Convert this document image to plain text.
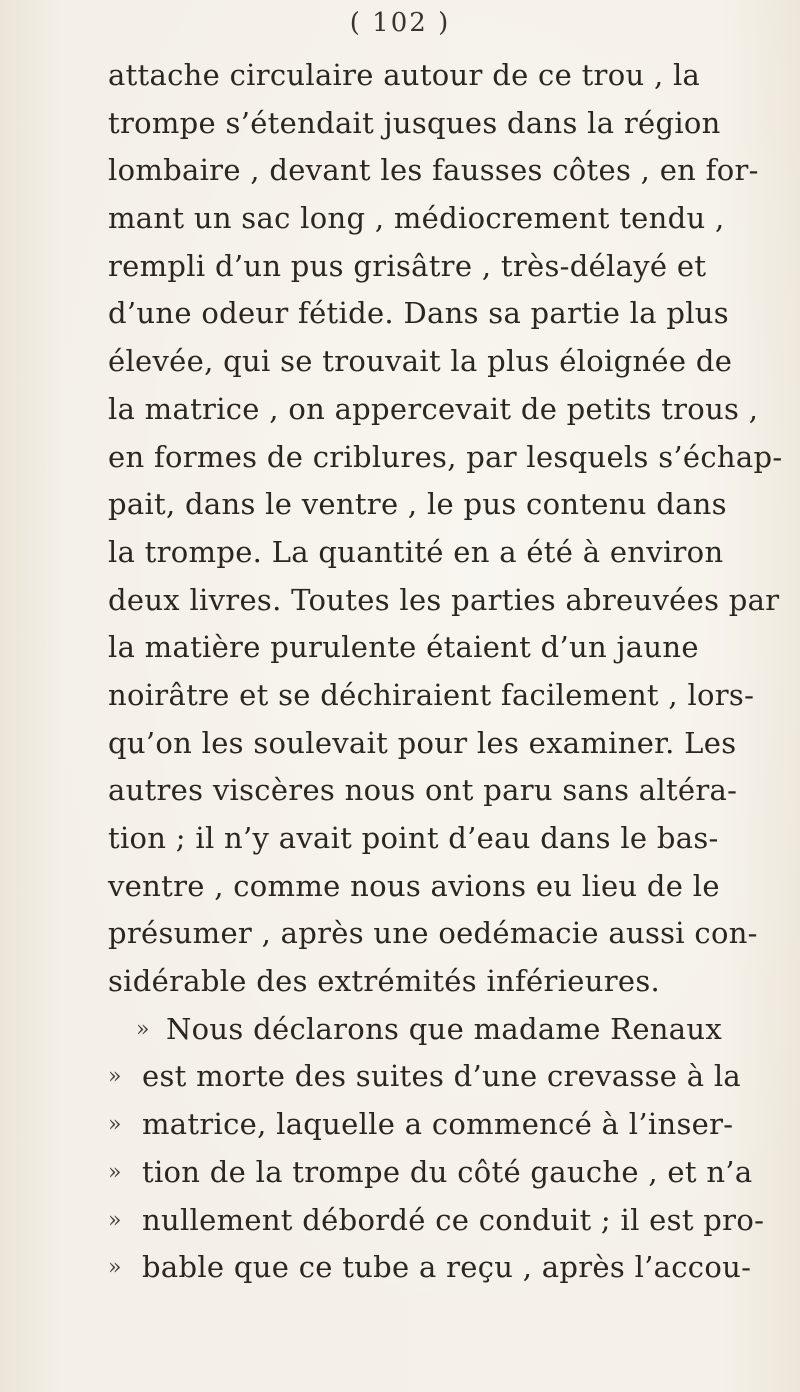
( 102 )
attache circulaire autour de ce trou , la
trompe s’étendait jusques dans la région
lombaire , devant les fausses côtes , en for-
mant un sac long , médiocrement tendu ,
rempli d’un pus grisâtre , très-délayé et
d’une odeur fétide. Dans sa partie la plus
élevée, qui se trouvait la plus éloignée de
la matrice , on appercevait de petits trous ,
en formes de criblures, par lesquels s’échap-
pait, dans le ventre , le pus contenu dans
la trompe. La quantité en a été à environ
deux livres. Toutes les parties abreuvées par
la matière purulente étaient d’un jaune
noirâtre et se déchiraient facilement , lors-
qu’on les soulevait pour les examiner. Les
autres viscères nous ont paru sans altéra-
tion ; il n’y avait point d’eau dans le bas-
ventre , comme nous avions eu lieu de le
présumer , après une oedémacie aussi con-
sidérable des extrémités inférieures.
» Nous déclarons que madame Renaux
» est morte des suites d’une crevasse à la
» matrice, laquelle a commencé à l’inser-
» tion de la trompe du côté gauche , et n’a
» nullement débordé ce conduit ; il est pro-
» bable que ce tube a reçu , après l’accou-
